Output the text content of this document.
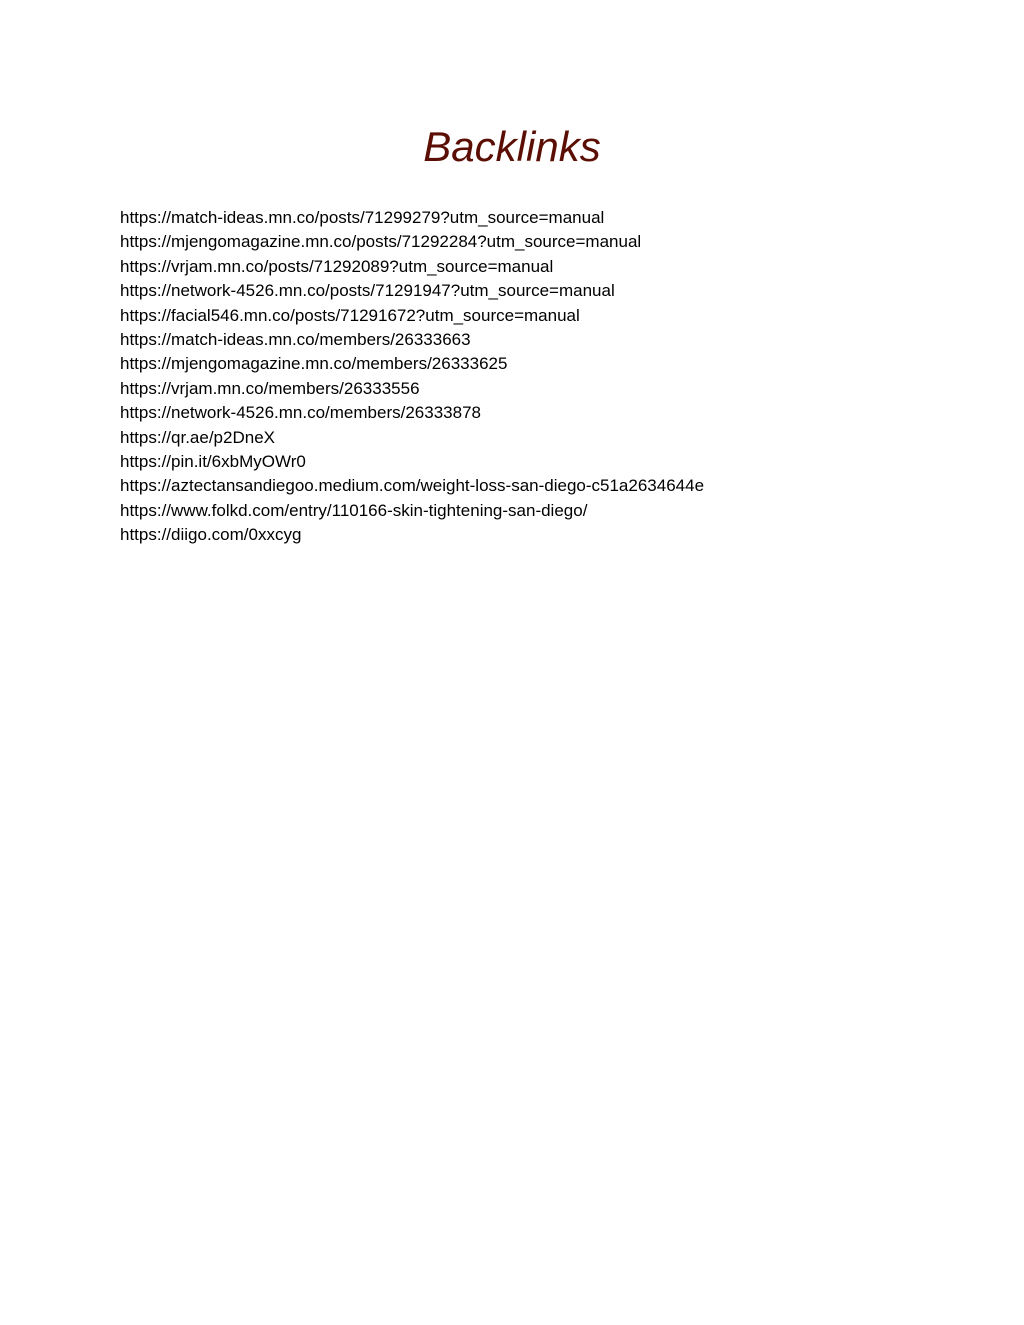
Backlinks
https://match-ideas.mn.co/posts/71299279?utm_source=manual
https://mjengomagazine.mn.co/posts/71292284?utm_source=manual
https://vrjam.mn.co/posts/71292089?utm_source=manual
https://network-4526.mn.co/posts/71291947?utm_source=manual
https://facial546.mn.co/posts/71291672?utm_source=manual
https://match-ideas.mn.co/members/26333663
https://mjengomagazine.mn.co/members/26333625
https://vrjam.mn.co/members/26333556
https://network-4526.mn.co/members/26333878
https://qr.ae/p2DneX
https://pin.it/6xbMyOWr0
https://aztectansandiegoo.medium.com/weight-loss-san-diego-c51a2634644e
https://www.folkd.com/entry/110166-skin-tightening-san-diego/
https://diigo.com/0xxcyg
